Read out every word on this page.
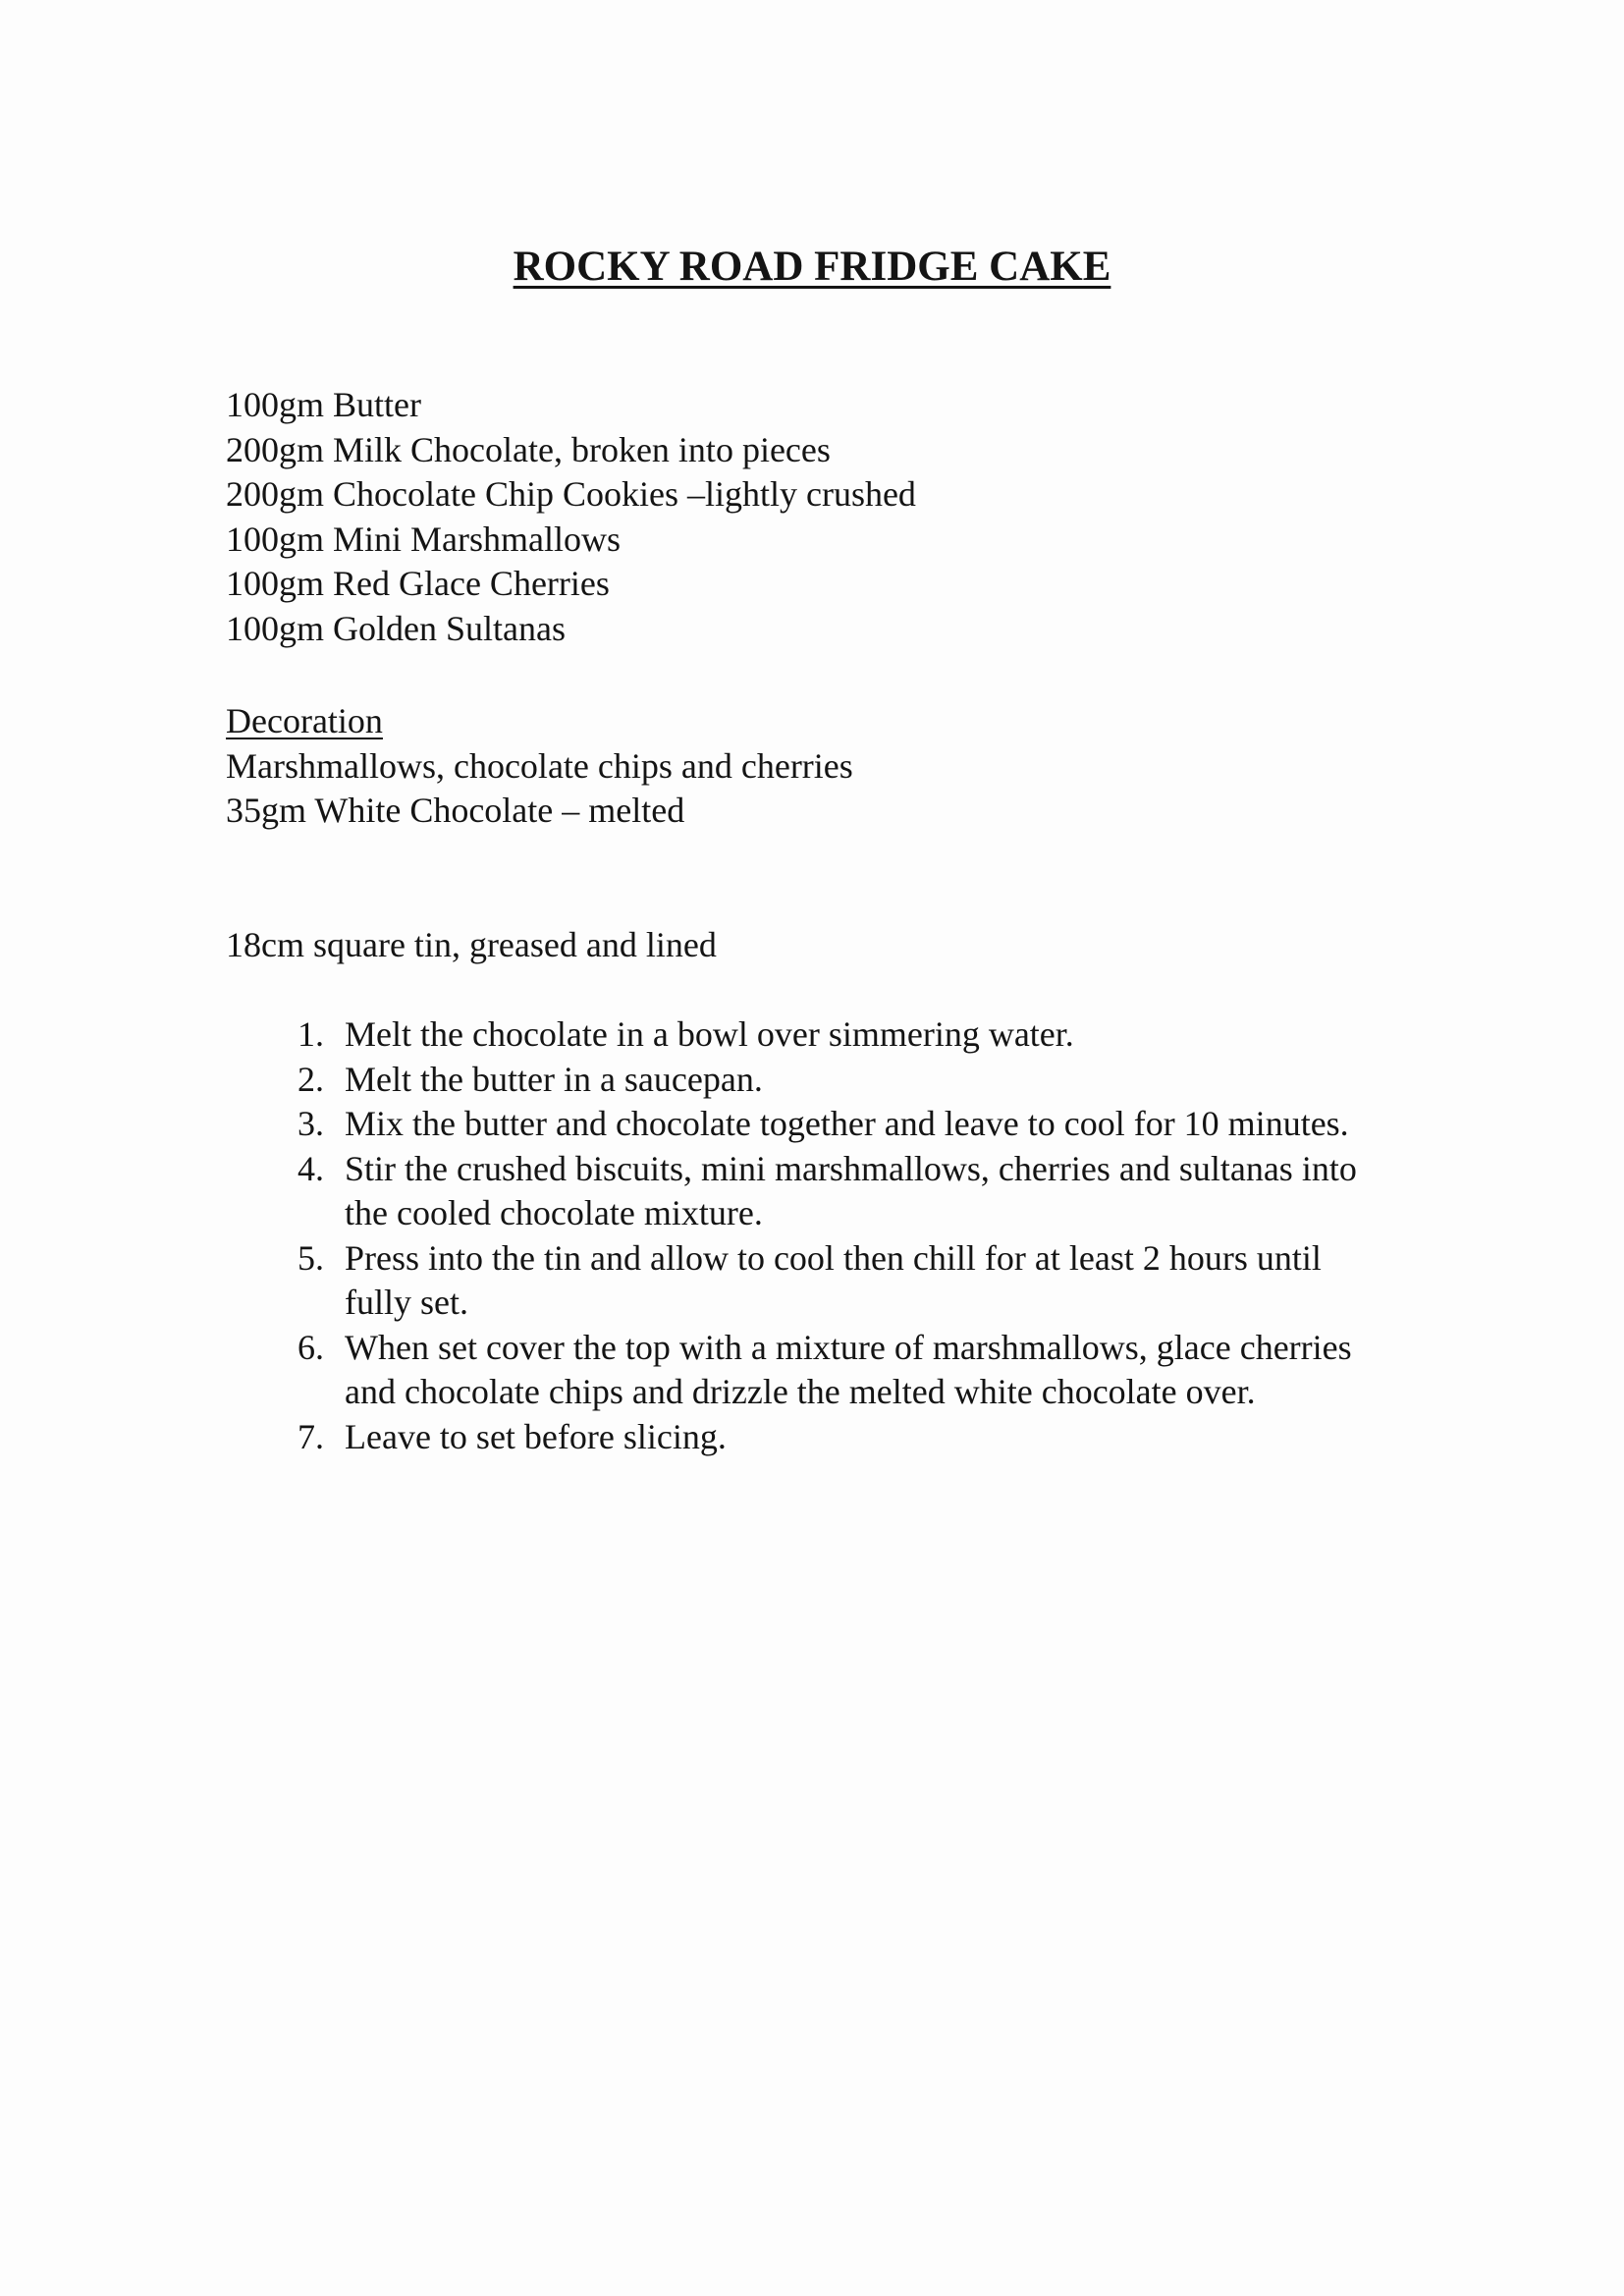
ROCKY ROAD FRIDGE CAKE
100gm Butter
200gm Milk Chocolate, broken into pieces
200gm Chocolate Chip Cookies –lightly crushed
100gm Mini Marshmallows
100gm Red Glace Cherries
100gm Golden Sultanas
Decoration
Marshmallows, chocolate chips and cherries
35gm White Chocolate – melted
18cm square tin, greased and lined
1. Melt the chocolate in a bowl over simmering water.
2. Melt the butter in a saucepan.
3. Mix the butter and chocolate together and leave to cool for 10 minutes.
4. Stir the crushed biscuits, mini marshmallows, cherries and sultanas into the cooled chocolate mixture.
5. Press into the tin and allow to cool then chill for at least 2 hours until fully set.
6. When set cover the top with a mixture of marshmallows, glace cherries and chocolate chips and drizzle the melted white chocolate over.
7. Leave to set before slicing.
